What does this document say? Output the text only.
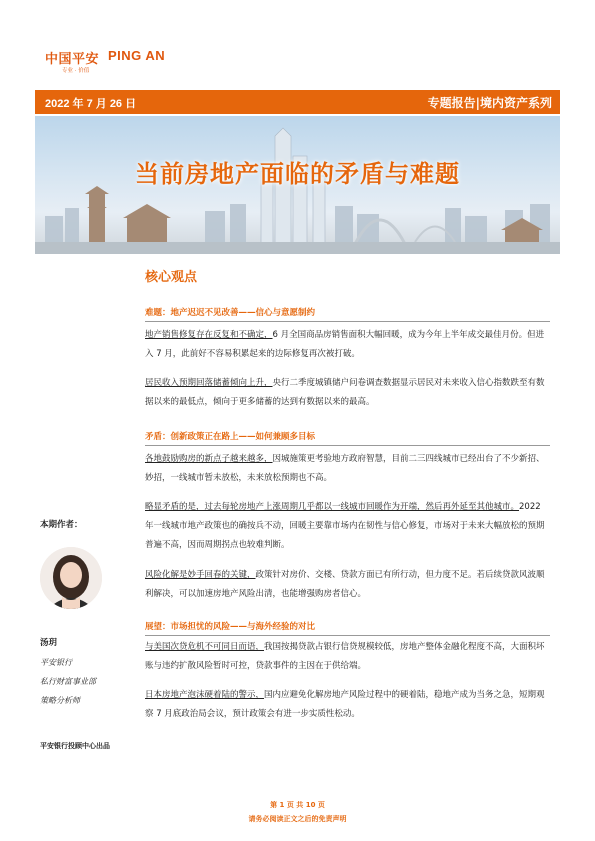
中国平安 PING AN
专业 · 价值
2022 年 7 月 26 日	专题报告|境内资产系列
当前房地产面临的矛盾与难题
核心观点
难题：地产迟迟不见改善——信心与意愿制约
地产销售修复存在反复和不确定，6 月全国商品房销售面积大幅回暖，成为今年上半年成交最佳月份。但进入 7 月，此前好不容易积累起来的边际修复再次被打破。
居民收入预期回落储蓄倾向上升，央行二季度城镇储户问卷调查数据显示居民对未来收入信心指数跌至有数据以来的最低点，倾向于更多储蓄的达到有数据以来的最高。
矛盾：创新政策正在路上——如何兼顾多目标
各地鼓励购房的新点子越来越多，因城施策更考验地方政府智慧，目前二三四线城市已经出台了不少新招、妙招，一线城市暂未放松，未来放松预期也不高。
略显矛盾的是，过去每轮房地产上涨周期几乎都以一线城市回暖作为开端，然后再外延至其他城市。2022 年一线城市地产政策也的确按兵不动，回暖主要靠市场内在韧性与信心修复，市场对于未来大幅放松的预期普遍不高，因而周期拐点也较难判断。
风险化解是妙手回春的关键，政策针对房价、交楼、贷款方面已有所行动，但力度不足。若后续贷款风波顺利解决，可以加速房地产风险出清，也能增强购房者信心。
展望：市场担忧的风险——与海外经验的对比
与美国次贷危机不可同日而语，我国按揭贷款占银行信贷规模较低，房地产整体金融化程度不高，大面积坏账与违约扩散风险暂时可控，贷款事件的主因在于供给端。
日本房地产泡沫硬着陆的警示，国内应避免化解房地产风险过程中的硬着陆，稳地产成为当务之急，短期观察 7 月底政治局会议，预计政策会有进一步实质性松动。
本期作者：
汤玥
平安银行
私行财富事业部
策略分析师
平安银行投顾中心出品
第 1 页 共 10 页
请务必阅读正文之后的免责声明
